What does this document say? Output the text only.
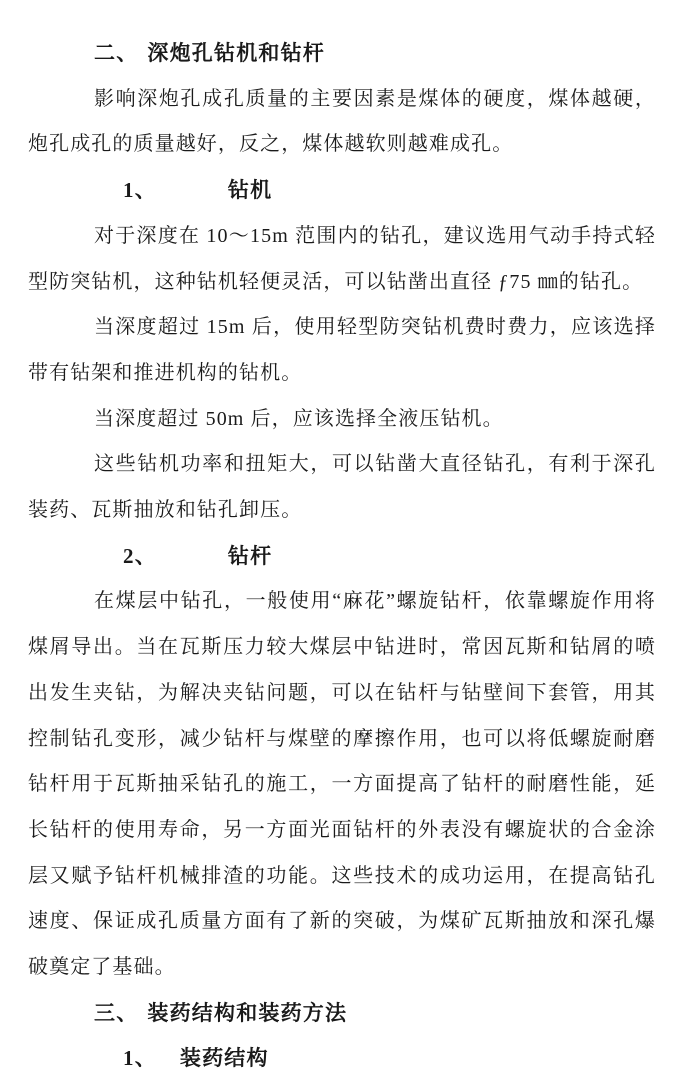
二、 深炮孔钻机和钻杆

影响深炮孔成孔质量的主要因素是煤体的硬度，煤体越硬，炮孔成孔的质量越好，反之，煤体越软则越难成孔。

1、	钻机

对于深度在 10～15m 范围内的钻孔，建议选用气动手持式轻型防突钻机，这种钻机轻便灵活，可以钻凿出直径 ƒ75 ㎜的钻孔。

当深度超过 15m 后，使用轻型防突钻机费时费力，应该选择带有钻架和推进机构的钻机。

当深度超过 50m 后，应该选择全液压钻机。

这些钻机功率和扭矩大，可以钻凿大直径钻孔，有利于深孔装药、瓦斯抽放和钻孔卸压。

2、	钻杆

在煤层中钻孔，一般使用“麻花”螺旋钻杆，依靠螺旋作用将煤屑导出。当在瓦斯压力较大煤层中钻进时，常因瓦斯和钻屑的喷出发生夹钻，为解决夹钻问题，可以在钻杆与钻壁间下套管，用其控制钻孔变形，减少钻杆与煤壁的摩擦作用，也可以将低螺旋耐磨钻杆用于瓦斯抽采钻孔的施工，一方面提高了钻杆的耐磨性能，延长钻杆的使用寿命，另一方面光面钻杆的外表没有螺旋状的合金涂层又赋予钻杆机械排渣的功能。这些技术的成功运用，在提高钻孔速度、保证成孔质量方面有了新的突破，为煤矿瓦斯抽放和深孔爆破奠定了基础。

三、 装药结构和装药方法
1、 装药结构
